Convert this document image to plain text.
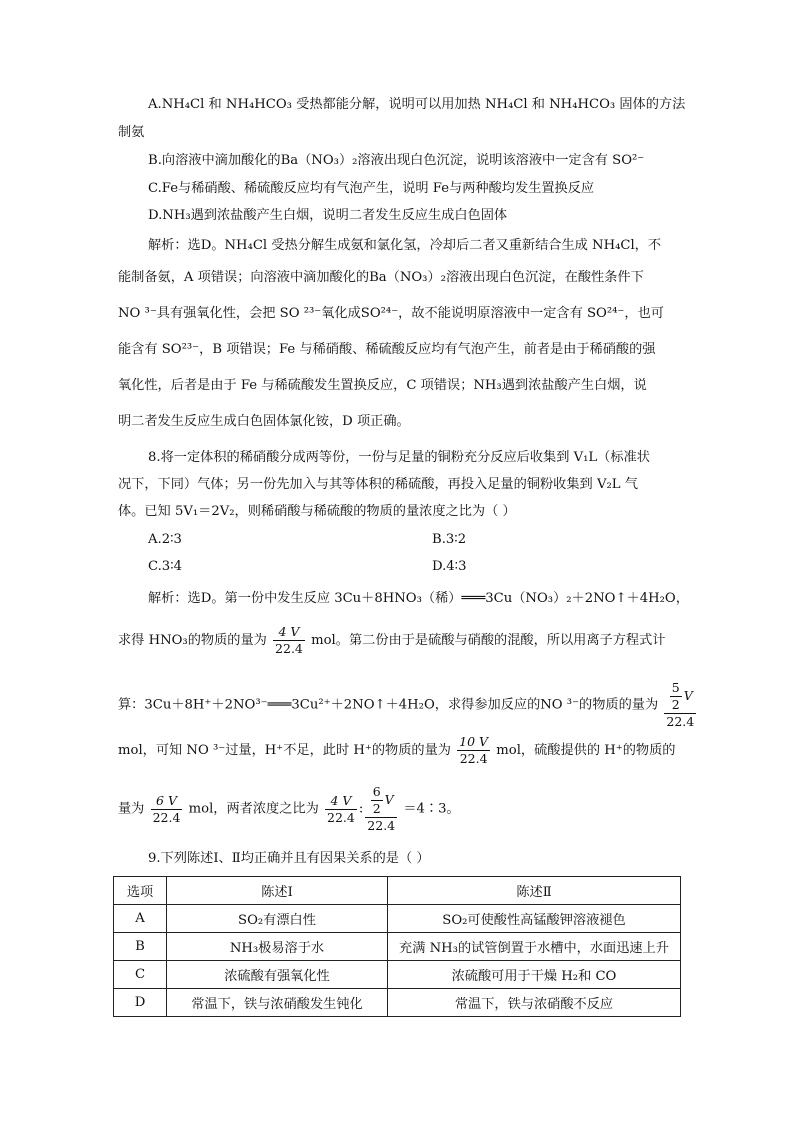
A.NH₄Cl 和 NH₄HCO₃ 受热都能分解，说明可以用加热 NH₄Cl 和 NH₄HCO₃ 固体的方法
制氨
B.向溶液中滴加酸化的Ba（NO₃）₂溶液出现白色沉淀，说明该溶液中一定含有 SO²⁻
C.Fe与稀硝酸、稀硫酸反应均有气泡产生，说明 Fe与两种酸均发生置换反应
D.NH₃遇到浓盐酸产生白烟，说明二者发生反应生成白色固体
解析：选D。NH₄Cl 受热分解生成氨和氯化氢，冷却后二者又重新结合生成 NH₄Cl，不
能制备氨，A 项错误；向溶液中滴加酸化的Ba（NO₃）₂溶液出现白色沉淀，在酸性条件下
NO ³⁻具有强氧化性，会把 SO ²³⁻氧化成SO²⁴⁻，故不能说明原溶液中一定含有 SO²⁴⁻，也可
能含有 SO²³⁻，B 项错误；Fe 与稀硝酸、稀硫酸反应均有气泡产生，前者是由于稀硝酸的强
氧化性，后者是由于 Fe 与稀硫酸发生置换反应，C 项错误；NH₃遇到浓盐酸产生白烟，说
明二者发生反应生成白色固体氯化铵，D 项正确。
8.将一定体积的稀硝酸分成两等份，一份与足量的铜粉充分反应后收集到 V₁L（标准状
况下，下同）气体；另一份先加入与其等体积的稀硫酸，再投入足量的铜粉收集到 V₂L 气
体。已知 5V₁＝2V₂，则稀硝酸与稀硫酸的物质的量浓度之比为（ ）
A.2∶3	B.3∶2
C.3∶4	D.4∶3
解析：选D。第一份中发生反应 3Cu＋8HNO₃（稀）═══3Cu（NO₃）₂＋2NO↑＋4H₂O，
求得 HNO₃的物质的量为 $\frac{4 V}{22.4}$ mol。第二份由于是硫酸与硝酸的混酸，所以用离子方程式计
算：3Cu＋8H⁺＋2NO³⁻═══3Cu²⁺＋2NO↑＋4H₂O，求得参加反应的NO ³⁻的物质的量为 $\frac{\frac{5}{2} V}{22.4}$
mol，可知 NO ³⁻过量，H⁺不足，此时 H⁺的物质的量为 $\frac{10 V}{22.4}$ mol，硫酸提供的 H⁺的物质的
量为 $\frac{6 V}{22.4}$ mol，两者浓度之比为 $\frac{4 V}{22.4}$ : $\frac{\frac{6}{2} V}{22.4}$ ＝4∶3。
9.下列陈述Ⅰ、Ⅱ均正确并且有因果关系的是（ ）
选项	陈述Ⅰ	陈述Ⅱ
A	SO₂有漂白性	SO₂可使酸性高锰酸钾溶液褪色
B	NH₃极易溶于水	充满 NH₃的试管倒置于水槽中，水面迅速上升
C	浓硫酸有强氧化性	浓硫酸可用于干燥 H₂和 CO
D	常温下，铁与浓硝酸发生钝化	常温下，铁与浓硝酸不反应
